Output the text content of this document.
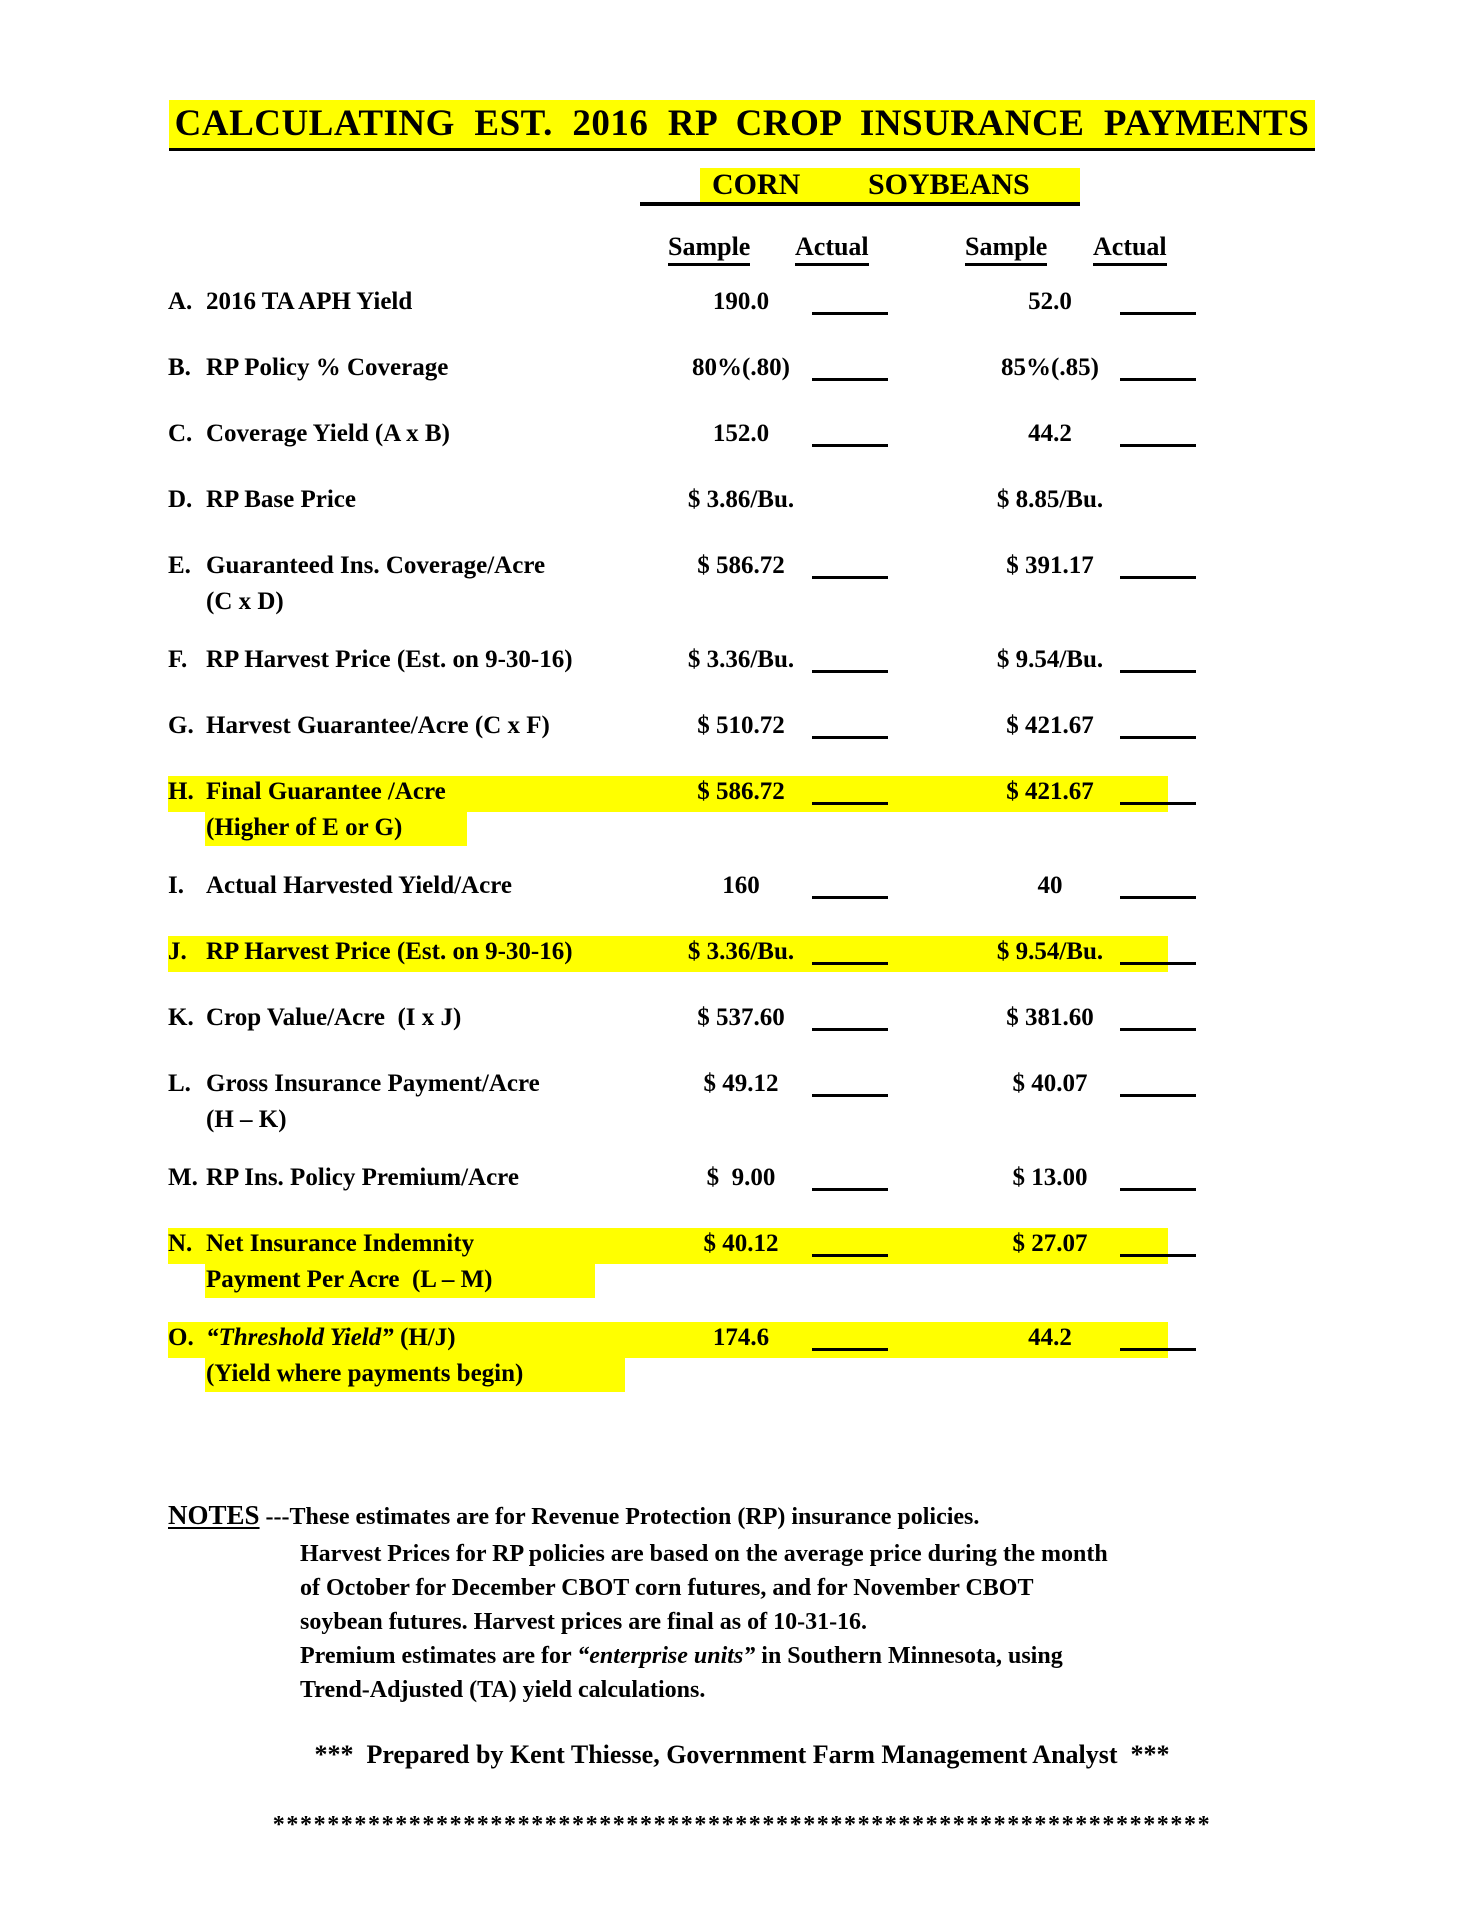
CALCULATING  EST.  2016  RP  CROP  INSURANCE  PAYMENTS
CORN SOYBEANS
Sample Actual	Sample Actual
A. 2016 TA APH Yield	190.0	52.0
B. RP Policy % Coverage	80%(.80)	85%(.85)
C. Coverage Yield (A x B)	152.0	44.2
D. RP Base Price	$ 3.86/Bu.	$ 8.85/Bu.
E. Guaranteed Ins. Coverage/Acre
(C x D)
$ 586.72	$ 391.17
F. RP Harvest Price (Est. on 9-30-16)	$ 3.36/Bu.	$ 9.54/Bu.
G. Harvest Guarantee/Acre (C x F)	$ 510.72	$ 421.67
H. Final Guarantee /Acre
(Higher of E or G)
$ 586.72	$ 421.67
I. Actual Harvested Yield/Acre	160	40
J. RP Harvest Price (Est. on 9-30-16)	$ 3.36/Bu.	$ 9.54/Bu.
K. Crop Value/Acre  (I x J)	$ 537.60	$ 381.60
L. Gross Insurance Payment/Acre
(H – K)
$ 49.12	$ 40.07
M. RP Ins. Policy Premium/Acre	$  9.00	$ 13.00
N. Net Insurance Indemnity
Payment Per Acre  (L – M)
$ 40.12	$ 27.07
O. “Threshold Yield” (H/J)
(Yield where payments begin)
174.6	44.2
NOTES ---These estimates are for Revenue Protection (RP) insurance policies.
Harvest Prices for RP policies are based on the average price during the month
of October for December CBOT corn futures, and for November CBOT
soybean futures. Harvest prices are final as of 10-31-16.
Premium estimates are for “enterprise units” in Southern Minnesota, using
Trend-Adjusted (TA) yield calculations.
***  Prepared by Kent Thiesse, Government Farm Management Analyst  ***
*********************************************************************
